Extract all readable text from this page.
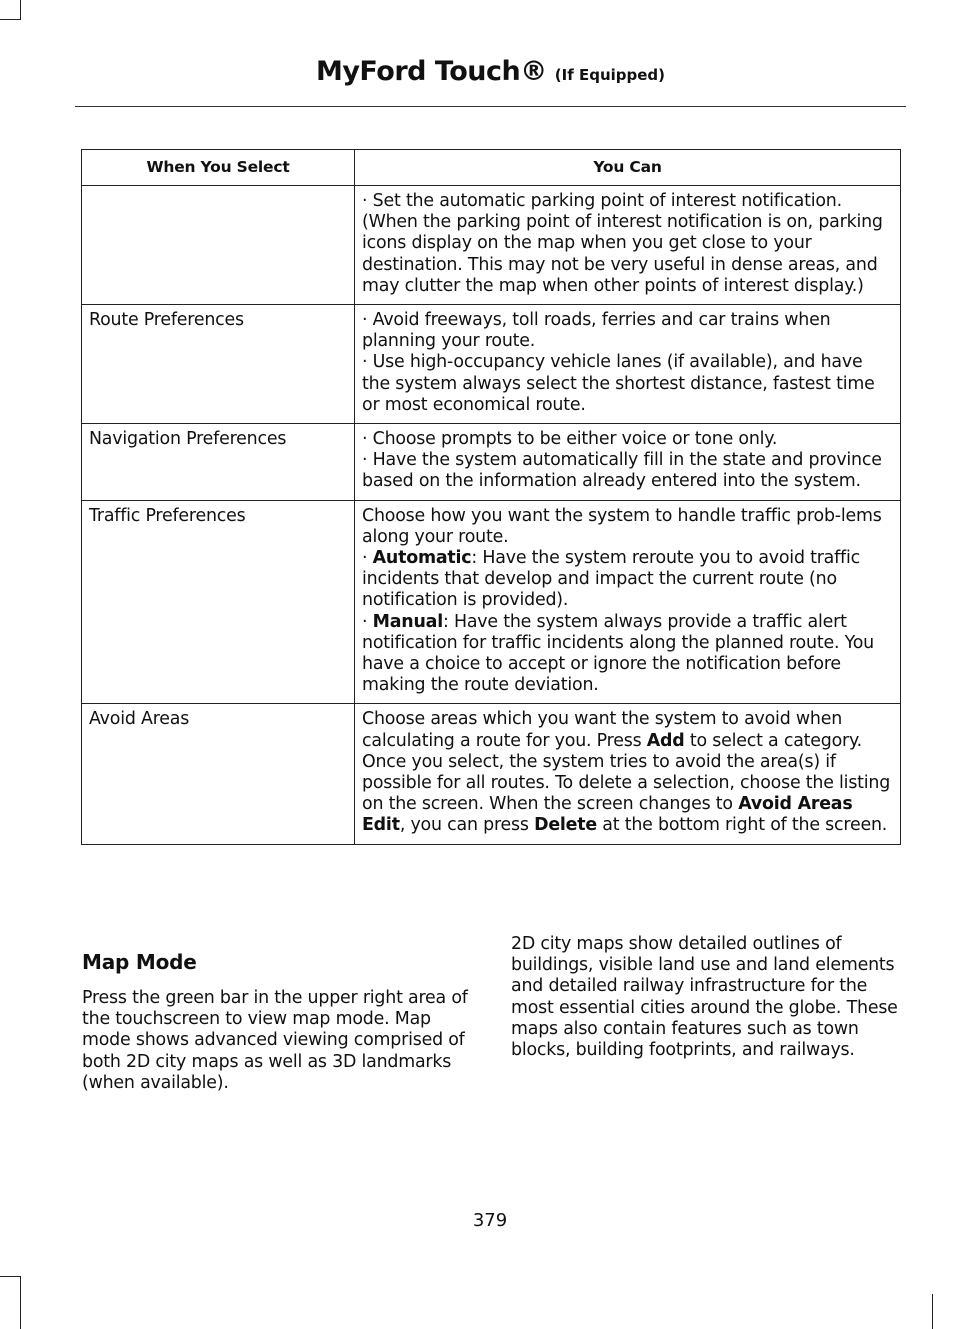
MyFord Touch® (If Equipped)
When You Select	You Can

	· Set the automatic parking point of interest notification. (When the parking point of interest notification is on, parking icons display on the map when you get close to your destination. This may not be very useful in dense areas, and may clutter the map when other points of interest display.)

Route Preferences	· Avoid freeways, toll roads, ferries and car trains when planning your route.
· Use high-occupancy vehicle lanes (if available), and have the system always select the shortest distance, fastest time or most economical route.

Navigation Preferences	· Choose prompts to be either voice or tone only.
· Have the system automatically fill in the state and province based on the information already entered into the system.

Traffic Preferences	Choose how you want the system to handle traffic prob-lems along your route.
· Automatic: Have the system reroute you to avoid traffic incidents that develop and impact the current route (no notification is provided).
· Manual: Have the system always provide a traffic alert notification for traffic incidents along the planned route. You have a choice to accept or ignore the notification before making the route deviation.

Avoid Areas	Choose areas which you want the system to avoid when calculating a route for you. Press Add to select a category. Once you select, the system tries to avoid the area(s) if possible for all routes. To delete a selection, choose the listing on the screen. When the screen changes to Avoid Areas Edit, you can press Delete at the bottom right of the screen.
Map Mode

Press the green bar in the upper right area of the touchscreen to view map mode. Map mode shows advanced viewing comprised of both 2D city maps as well as 3D landmarks (when available).

2D city maps show detailed outlines of buildings, visible land use and land elements and detailed railway infrastructure for the most essential cities around the globe. These maps also contain features such as town blocks, building footprints, and railways.

379
